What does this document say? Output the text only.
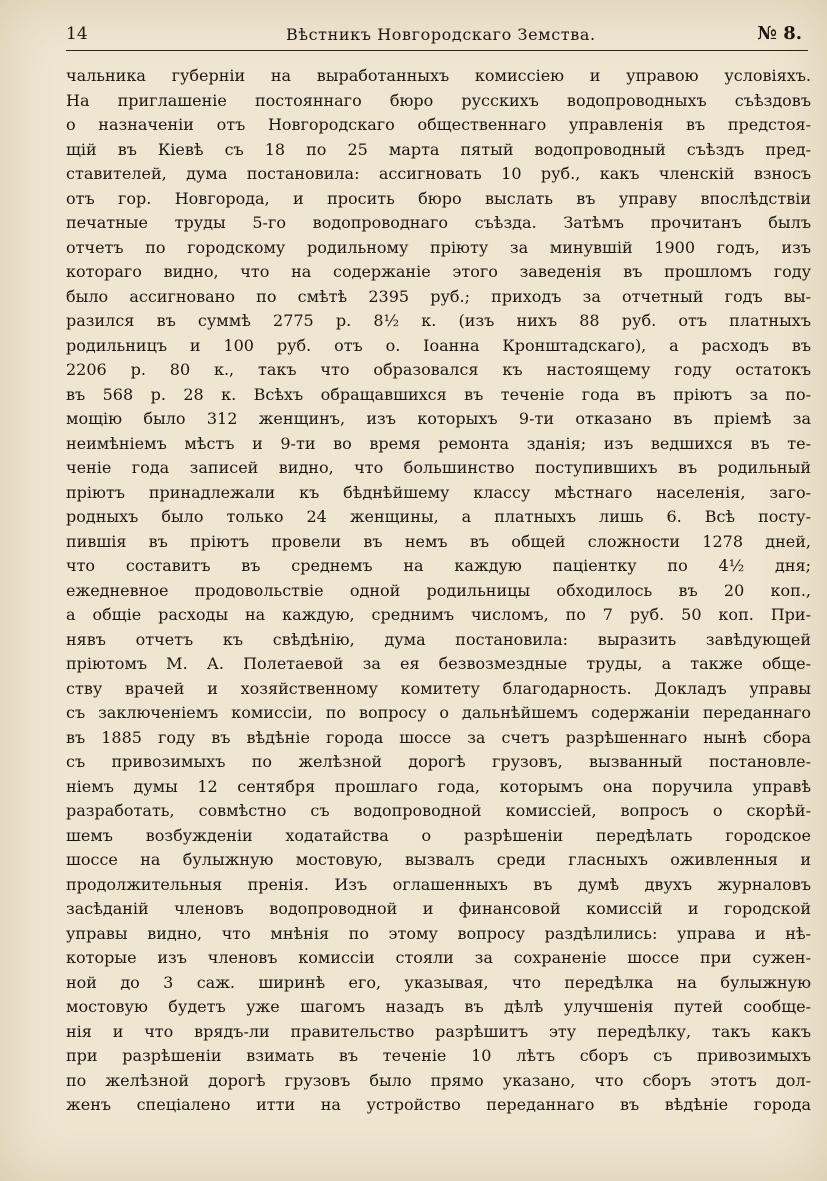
14	Вѣстникъ Новгородскаго Земства.	№ 8.
чальника губерніи на выработанныхъ комиссіею и управою условіяхъ.
На приглашеніе постояннаго бюро русскихъ водопроводныхъ съѣздовъ
о назначеніи отъ Новгородскаго общественнаго управленія въ предстоя-
щій въ Кіевѣ съ 18 по 25 марта пятый водопроводный съѣздъ пред-
ставителей, дума постановила: ассигновать 10 руб., какъ членскій взносъ
отъ гор. Новгорода, и просить бюро выслать въ управу впослѣдствіи
печатные труды 5-го водопроводнаго съѣзда. Затѣмъ прочитанъ былъ
отчетъ по городскому родильному пріюту за минувшій 1900 годъ, изъ
котораго видно, что на содержаніе этого заведенія въ прошломъ году
было ассигновано по смѣтѣ 2395 руб.; приходъ за отчетный годъ вы-
разился въ суммѣ 2775 р. 8½ к. (изъ нихъ 88 руб. отъ платныхъ
родильницъ и 100 руб. отъ о. Іоанна Кронштадскаго), а расходъ въ
2206 р. 80 к., такъ что образовался къ настоящему году остатокъ
въ 568 р. 28 к. Всѣхъ обращавшихся въ теченіе года въ пріютъ за по-
мощію было 312 женщинъ, изъ которыхъ 9-ти отказано въ пріемѣ за
неимѣніемъ мѣстъ и 9-ти во время ремонта зданія; изъ ведшихся въ те-
ченіе года записей видно, что большинство поступившихъ въ родильный
пріютъ принадлежали къ бѣднѣйшему классу мѣстнаго населенія, заго-
родныхъ было только 24 женщины, а платныхъ лишь 6. Всѣ посту-
пившія въ пріютъ провели въ немъ въ общей сложности 1278 дней,
что составитъ въ среднемъ на каждую паціентку по 4½ дня;
ежедневное продовольствіе одной родильницы обходилось въ 20 коп.,
а общіе расходы на каждую, среднимъ числомъ, по 7 руб. 50 коп. При-
нявъ отчетъ къ свѣдѣнію, дума постановила: выразить завѣдующей
пріютомъ М. А. Полетаевой за ея безвозмездные труды, а также обще-
ству врачей и хозяйственному комитету благодарность. Докладъ управы
съ заключеніемъ комиссіи, по вопросу о дальнѣйшемъ содержаніи переданнаго
въ 1885 году въ вѣдѣніе города шоссе за счетъ разрѣшеннаго нынѣ сбора
съ привозимыхъ по желѣзной дорогѣ грузовъ, вызванный постановле-
ніемъ думы 12 сентября прошлаго года, которымъ она поручила управѣ
разработать, совмѣстно съ водопроводной комиссіей, вопросъ о скорѣй-
шемъ возбужденіи ходатайства о разрѣшеніи передѣлать городское
шоссе на булыжную мостовую, вызвалъ среди гласныхъ оживленныя и
продолжительныя пренія. Изъ оглашенныхъ въ думѣ двухъ журналовъ
засѣданій членовъ водопроводной и финансовой комиссій и городской
управы видно, что мнѣнія по этому вопросу раздѣлились: управа и нѣ-
которые изъ членовъ комиссіи стояли за сохраненіе шоссе при сужен-
ной до 3 саж. ширинѣ его, указывая, что передѣлка на булыжную
мостовую будетъ уже шагомъ назадъ въ дѣлѣ улучшенія путей сообще-
нія и что врядъ-ли правительство разрѣшитъ эту передѣлку, такъ какъ
при разрѣшеніи взимать въ теченіе 10 лѣтъ сборъ съ привозимыхъ
по желѣзной дорогѣ грузовъ было прямо указано, что сборъ этотъ дол-
женъ спеціалено итти на устройство переданнаго въ вѣдѣніе города
